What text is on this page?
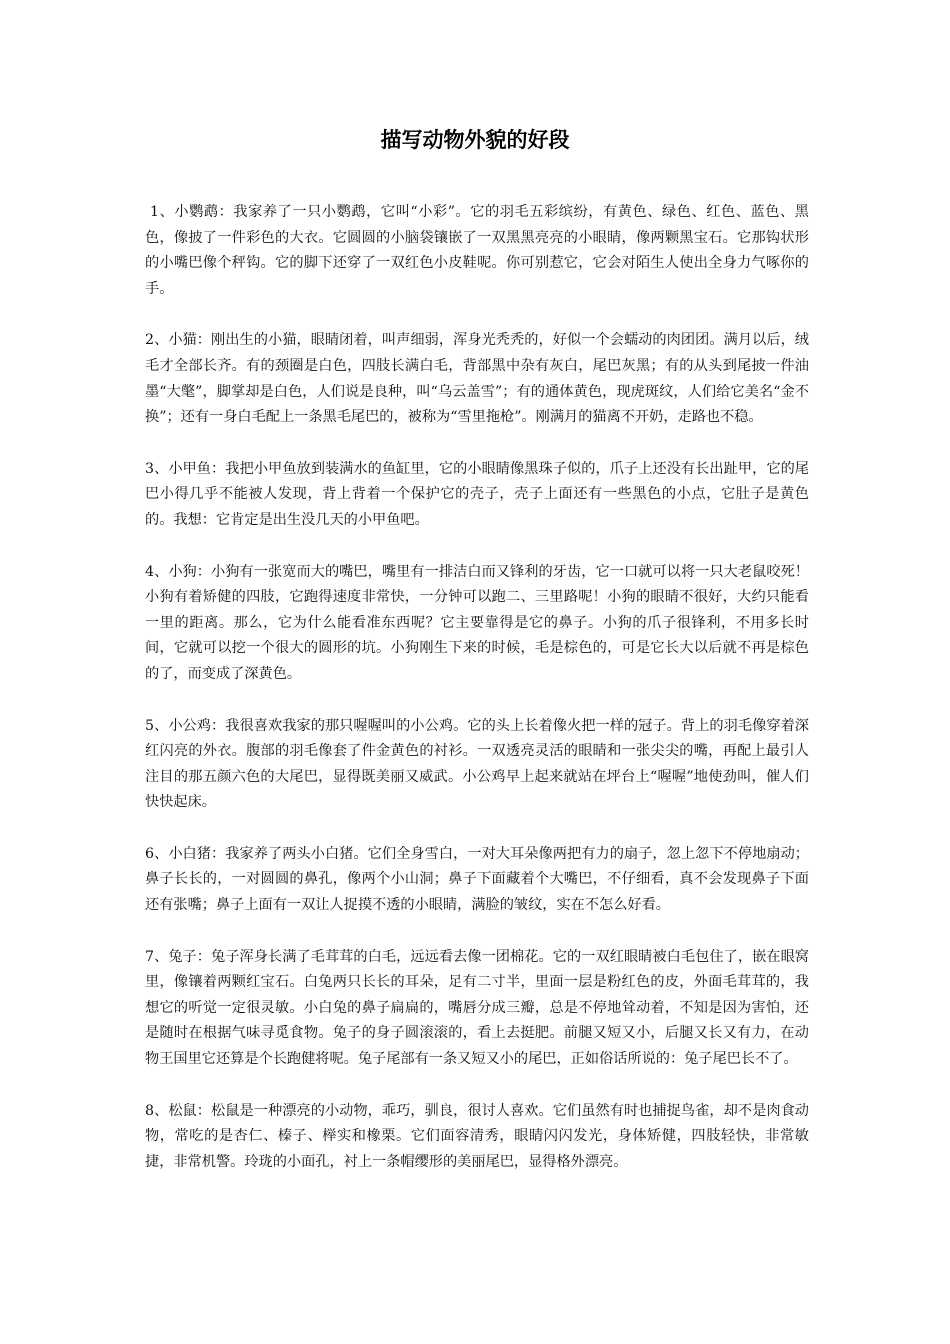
描写动物外貌的好段

1、小鹦鹉：我家养了一只小鹦鹉，它叫“小彩”。它的羽毛五彩缤纷，有黄色、绿色、红色、蓝色、黑色，像披了一件彩色的大衣。它圆圆的小脑袋镶嵌了一双黑黑亮亮的小眼睛，像两颗黑宝石。它那钩状形的小嘴巴像个秤钩。它的脚下还穿了一双红色小皮鞋呢。你可别惹它，它会对陌生人使出全身力气啄你的手。

2、小猫：刚出生的小猫，眼睛闭着，叫声细弱，浑身光秃秃的，好似一个会蠕动的肉团团。满月以后，绒毛才全部长齐。有的颈圈是白色，四肢长满白毛，背部黑中杂有灰白，尾巴灰黑；有的从头到尾披一件油墨“大氅”，脚掌却是白色，人们说是良种，叫“乌云盖雪”；有的通体黄色，现虎斑纹，人们给它美名“金不换”；还有一身白毛配上一条黑毛尾巴的，被称为“雪里拖枪”。刚满月的猫离不开奶，走路也不稳。

3、小甲鱼：我把小甲鱼放到装满水的鱼缸里，它的小眼睛像黑珠子似的，爪子上还没有长出趾甲，它的尾巴小得几乎不能被人发现，背上背着一个保护它的壳子，壳子上面还有一些黑色的小点，它肚子是黄色的。我想：它肯定是出生没几天的小甲鱼吧。

4、小狗：小狗有一张宽而大的嘴巴，嘴里有一排洁白而又锋利的牙齿，它一口就可以将一只大老鼠咬死！小狗有着矫健的四肢，它跑得速度非常快，一分钟可以跑二、三里路呢！小狗的眼睛不很好，大约只能看一里的距离。那么，它为什么能看准东西呢？它主要靠得是它的鼻子。小狗的爪子很锋利，不用多长时间，它就可以挖一个很大的圆形的坑。小狗刚生下来的时候，毛是棕色的，可是它长大以后就不再是棕色的了，而变成了深黄色。

5、小公鸡：我很喜欢我家的那只喔喔叫的小公鸡。它的头上长着像火把一样的冠子。背上的羽毛像穿着深红闪亮的外衣。腹部的羽毛像套了件金黄色的衬衫。一双透亮灵活的眼睛和一张尖尖的嘴，再配上最引人注目的那五颜六色的大尾巴，显得既美丽又威武。小公鸡早上起来就站在坪台上“喔喔”地使劲叫，催人们快快起床。

6、小白猪：我家养了两头小白猪。它们全身雪白，一对大耳朵像两把有力的扇子，忽上忽下不停地扇动；鼻子长长的，一对圆圆的鼻孔，像两个小山洞；鼻子下面藏着个大嘴巴，不仔细看，真不会发现鼻子下面还有张嘴；鼻子上面有一双让人捉摸不透的小眼睛，满脸的皱纹，实在不怎么好看。

7、兔子：兔子浑身长满了毛茸茸的白毛，远远看去像一团棉花。它的一双红眼睛被白毛包住了，嵌在眼窝里，像镶着两颗红宝石。白兔两只长长的耳朵，足有二寸半，里面一层是粉红色的皮，外面毛茸茸的，我想它的听觉一定很灵敏。小白兔的鼻子扁扁的，嘴唇分成三瓣，总是不停地耸动着，不知是因为害怕，还是随时在根据气味寻觅食物。兔子的身子圆滚滚的，看上去挺肥。前腿又短又小，后腿又长又有力，在动物王国里它还算是个长跑健将呢。兔子尾部有一条又短又小的尾巴，正如俗话所说的：兔子尾巴长不了。

8、松鼠：松鼠是一种漂亮的小动物，乖巧，驯良，很讨人喜欢。它们虽然有时也捕捉鸟雀，却不是肉食动物，常吃的是杏仁、榛子、榉实和橡栗。它们面容清秀，眼睛闪闪发光，身体矫健，四肢轻快，非常敏捷，非常机警。玲珑的小面孔，衬上一条帽缨形的美丽尾巴，显得格外漂亮。
